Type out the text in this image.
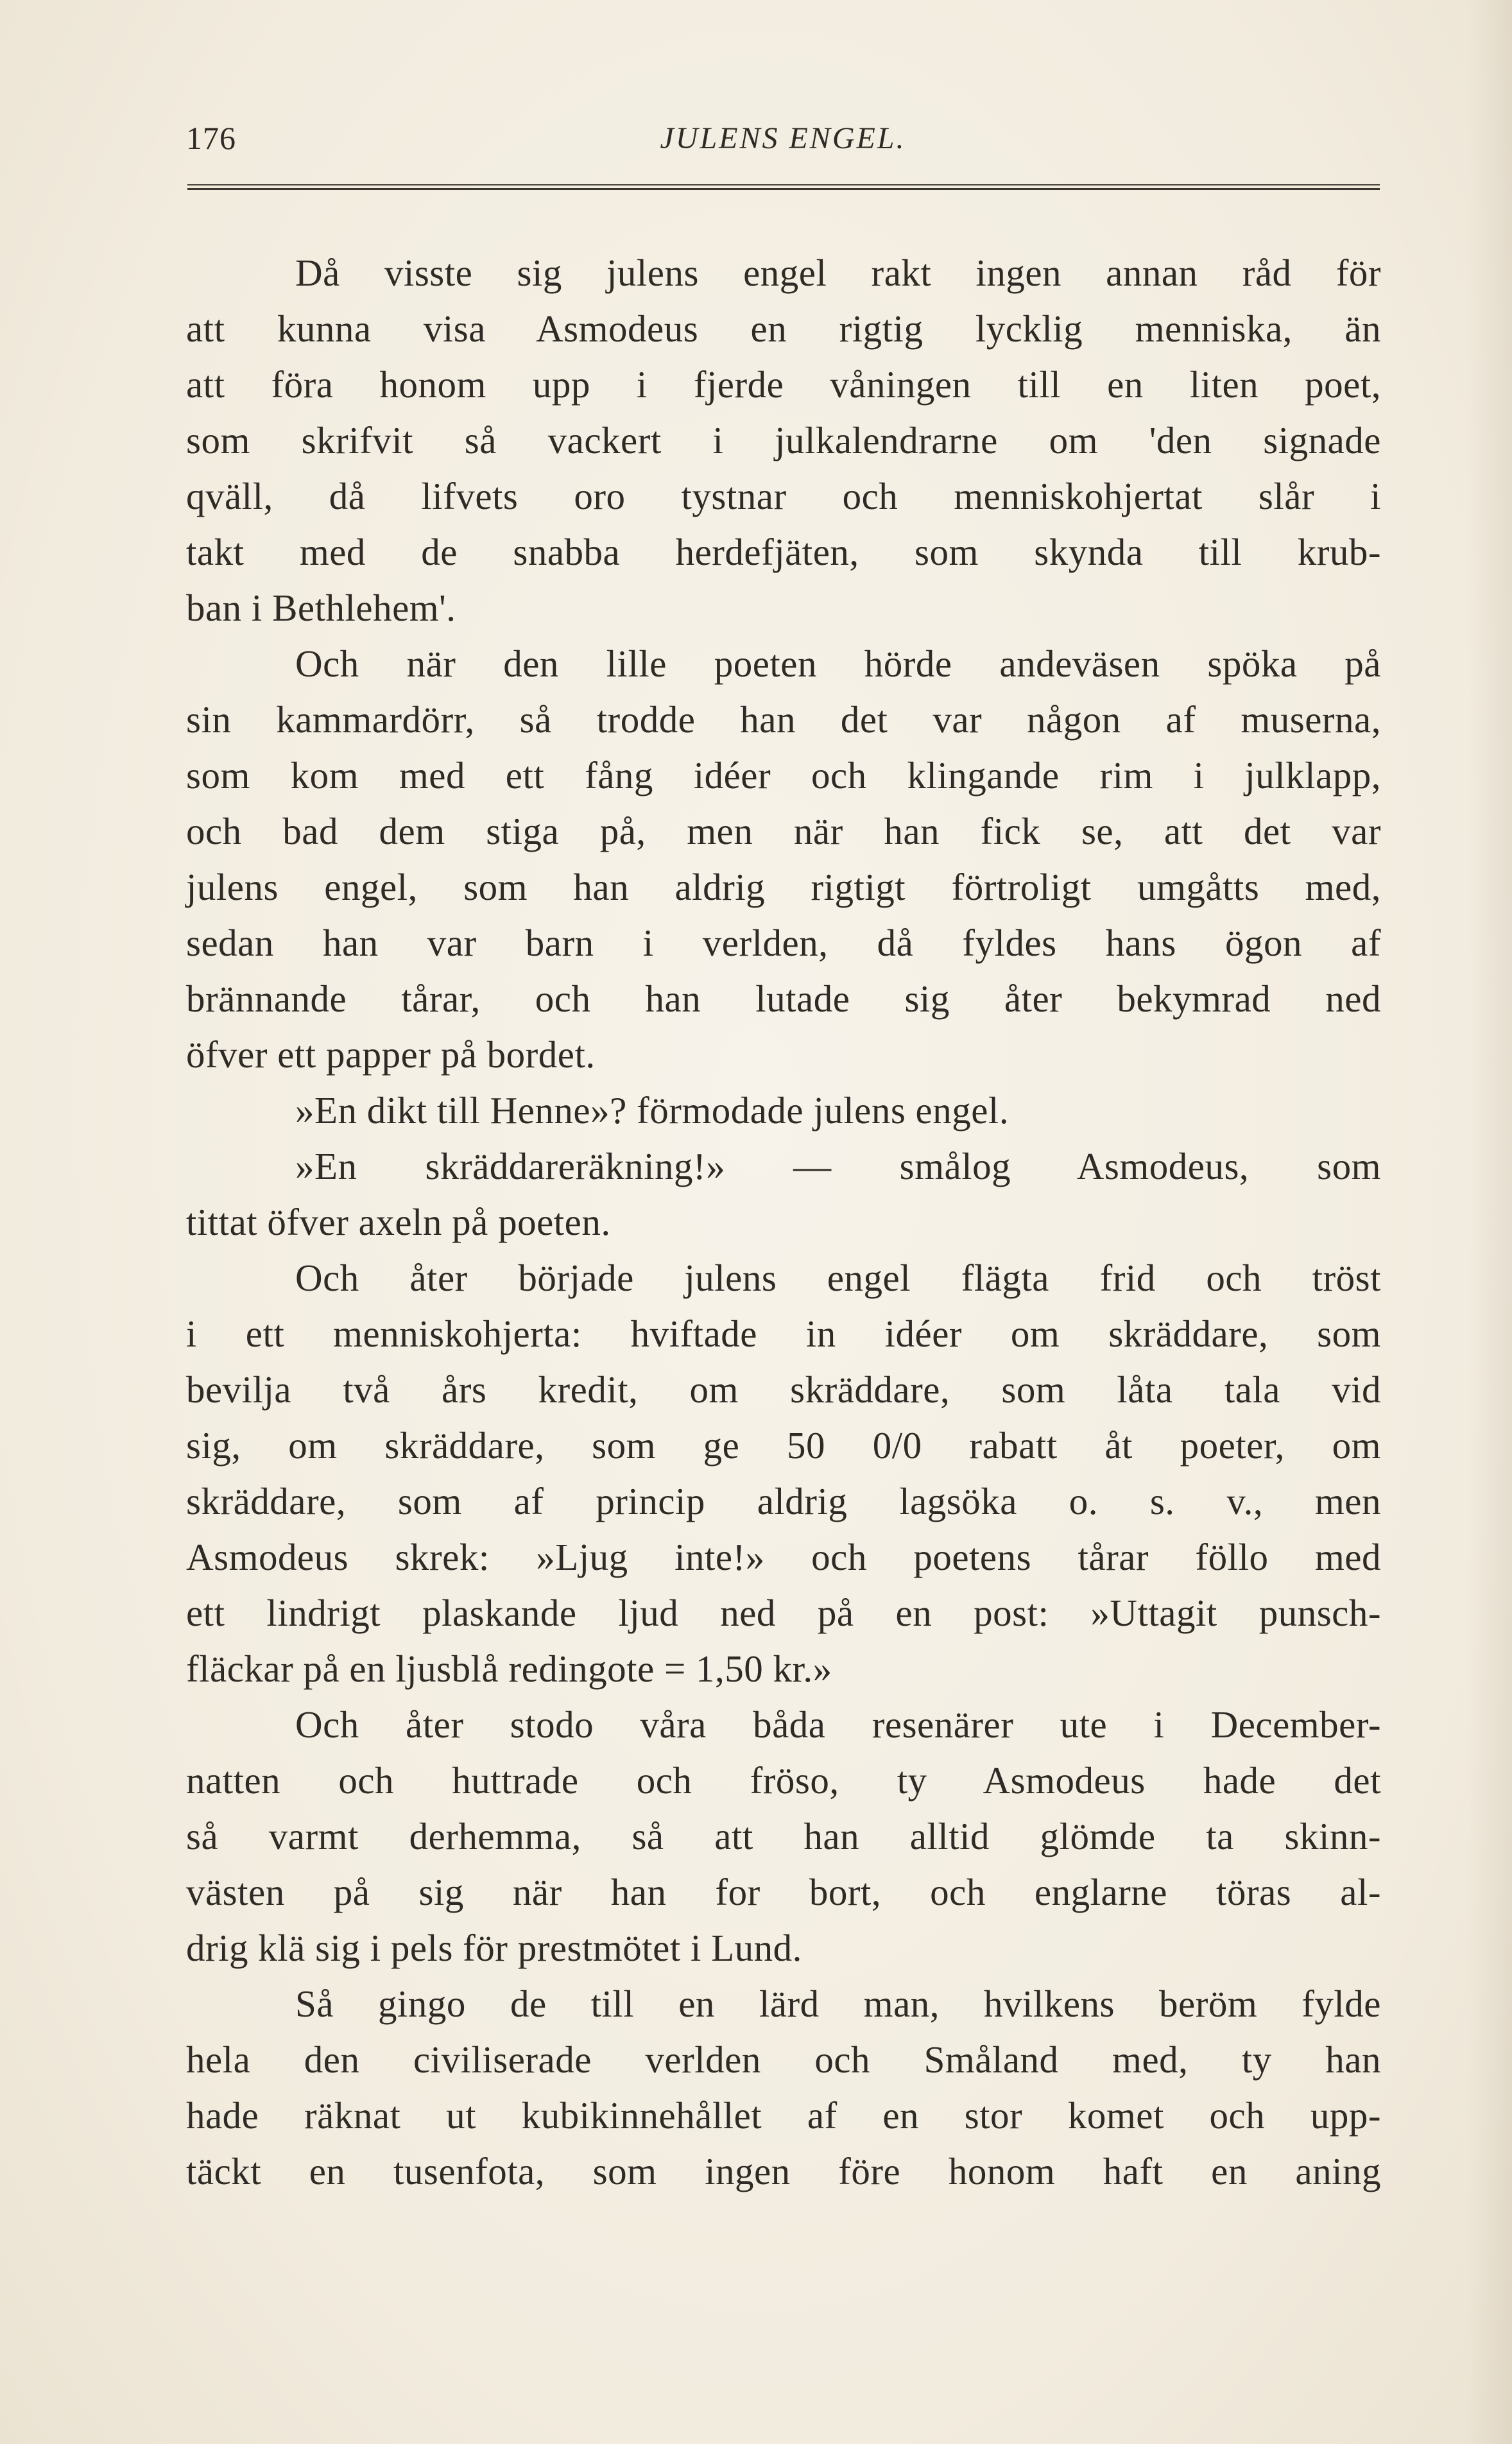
176	JULENS ENGEL.
Då visste sig julens engel rakt ingen annan råd för
att kunna visa Asmodeus en rigtig lycklig menniska, än
att föra honom upp i fjerde våningen till en liten poet,
som skrifvit så vackert i julkalendrarne om 'den signade
qväll, då lifvets oro tystnar och menniskohjertat slår i
takt med de snabba herdefjäten, som skynda till krub-
ban i Bethlehem'.
Och när den lille poeten hörde andeväsen spöka på
sin kammardörr, så trodde han det var någon af muserna,
som kom med ett fång idéer och klingande rim i julklapp,
och bad dem stiga på, men när han fick se, att det var
julens engel, som han aldrig rigtigt förtroligt umgåtts med,
sedan han var barn i verlden, då fyldes hans ögon af
brännande tårar, och han lutade sig åter bekymrad ned
öfver ett papper på bordet.
»En dikt till Henne»? förmodade julens engel.
»En skräddareräkning!» — smålog Asmodeus, som
tittat öfver axeln på poeten.
Och åter började julens engel flägta frid och tröst
i ett menniskohjerta: hviftade in idéer om skräddare, som
bevilja två års kredit, om skräddare, som låta tala vid
sig, om skräddare, som ge 50 0/0 rabatt åt poeter, om
skräddare, som af princip aldrig lagsöka o. s. v., men
Asmodeus skrek: »Ljug inte!» och poetens tårar föllo med
ett lindrigt plaskande ljud ned på en post: »Uttagit punsch-
fläckar på en ljusblå redingote = 1,50 kr.»
Och åter stodo våra båda resenärer ute i December-
natten och huttrade och fröso, ty Asmodeus hade det
så varmt derhemma, så att han alltid glömde ta skinn-
västen på sig när han for bort, och englarne töras al-
drig klä sig i pels för prestmötet i Lund.
Så gingo de till en lärd man, hvilkens beröm fylde
hela den civiliserade verlden och Småland med, ty han
hade räknat ut kubikinnehållet af en stor komet och upp-
täckt en tusenfota, som ingen före honom haft en aning
